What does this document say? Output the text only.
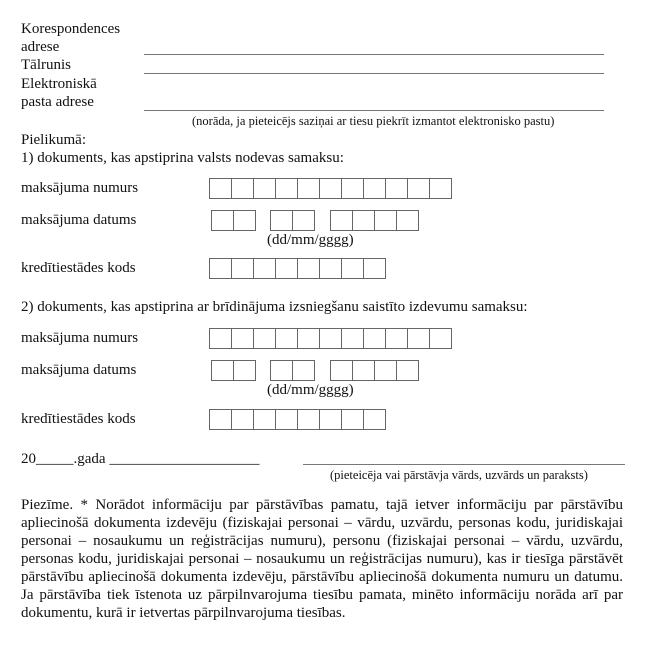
Korespondences
adrese
Tālrunis
Elektroniskā
pasta adrese
(norāda, ja pieteicējs saziņai ar tiesu piekrīt izmantot elektronisko pastu)
Pielikumā:
1) dokuments, kas apstiprina valsts nodevas samaksu:
maksājuma numurs
maksājuma datums
(dd/mm/gggg)
kredītiestādes kods
2) dokuments, kas apstiprina ar brīdinājuma izsniegšanu saistīto izdevumu samaksu:
maksājuma numurs
maksājuma datums
(dd/mm/gggg)
kredītiestādes kods
20_____.gada ____________________
(pieteicēja vai pārstāvja vārds, uzvārds un paraksts)
Piezīme. * Norādot informāciju par pārstāvības pamatu, tajā ietver informāciju par pārstāvību apliecinošā dokumenta izdevēju (fiziskajai personai – vārdu, uzvārdu, personas kodu, juridiskajai personai – nosaukumu un reģistrācijas numuru), personu (fiziskajai personai – vārdu, uzvārdu, personas kodu, juridiskajai personai – nosaukumu un reģistrācijas numuru), kas ir tiesīga pārstāvēt pārstāvību apliecinošā dokumenta izdevēju, pārstāvību apliecinošā dokumenta numuru un datumu. Ja pārstāvība tiek īstenota uz pārpilnvarojuma tiesību pamata, minēto informāciju norāda arī par dokumentu, kurā ir ietvertas pārpilnvarojuma tiesības.
